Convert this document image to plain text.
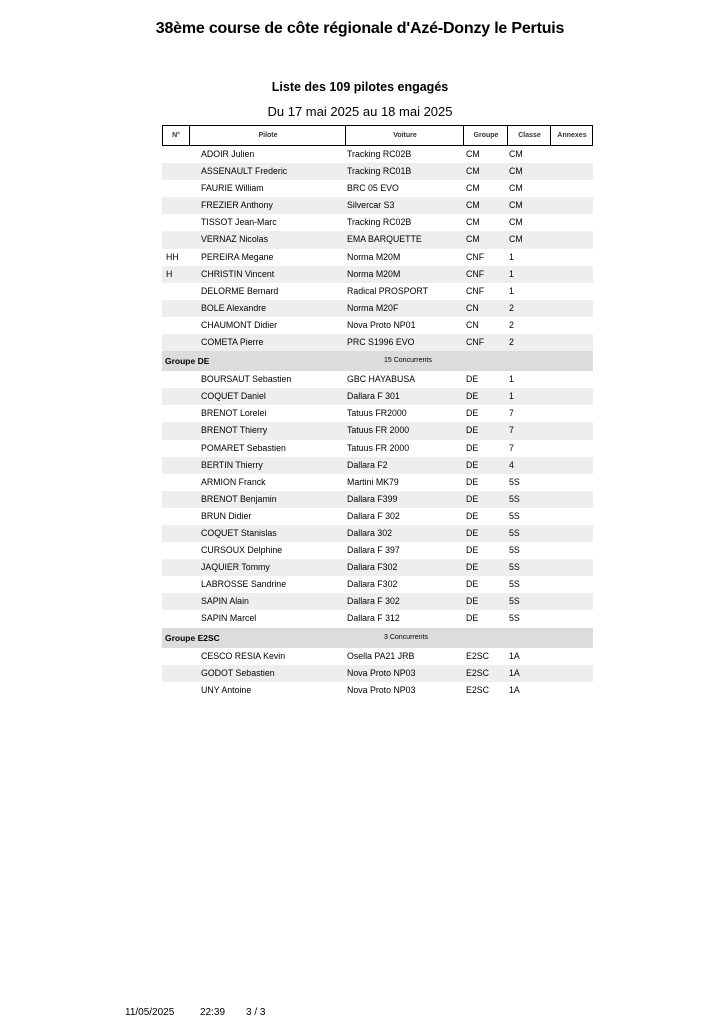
38ème course de côte régionale d'Azé-Donzy le Pertuis
Liste des 109 pilotes engagés
Du 17 mai 2025 au 18 mai 2025
N°	Pilote	Voiture	Groupe	Classe	Annexes
ADOIR Julien	Tracking RC02B	CM	CM
ASSENAULT Frederic	Tracking RC01B	CM	CM
FAURIE William	BRC 05 EVO	CM	CM
FREZIER Anthony	Silvercar S3	CM	CM
TISSOT Jean-Marc	Tracking RC02B	CM	CM
VERNAZ Nicolas	EMA BARQUETTE	CM	CM
HH	PEREIRA Megane	Norma M20M	CNF	1
H	CHRISTIN Vincent	Norma M20M	CNF	1
DELORME Bernard	Radical PROSPORT	CNF	1
BOLE Alexandre	Norma M20F	CN	2
CHAUMONT Didier	Nova Proto NP01	CN	2
COMETA Pierre	PRC S1996 EVO	CNF	2
Groupe DE	15 Concurrents
BOURSAUT Sebastien	GBC HAYABUSA	DE	1
COQUET Daniel	Dallara F 301	DE	1
BRENOT Lorelei	Tatuus FR2000	DE	7
BRENOT Thierry	Tatuus FR 2000	DE	7
POMARET Sebastien	Tatuus FR 2000	DE	7
BERTIN Thierry	Dallara F2	DE	4
ARMION Franck	Martini MK79	DE	5S
BRENOT Benjamin	Dallara F399	DE	5S
BRUN Didier	Dallara F 302	DE	5S
COQUET Stanislas	Dallara 302	DE	5S
CURSOUX Delphine	Dallara F 397	DE	5S
JAQUIER Tommy	Dallara F302	DE	5S
LABROSSE Sandrine	Dallara F302	DE	5S
SAPIN Alain	Dallara F 302	DE	5S
SAPIN Marcel	Dallara F 312	DE	5S
Groupe E2SC	3 Concurrents
CESCO RESIA Kevin	Osella PA21 JRB	E2SC 1A
GODOT Sebastien	Nova Proto NP03	E2SC 1A
UNY Antoine	Nova Proto NP03	E2SC 1A
11/05/2025	22:39 3 / 3
